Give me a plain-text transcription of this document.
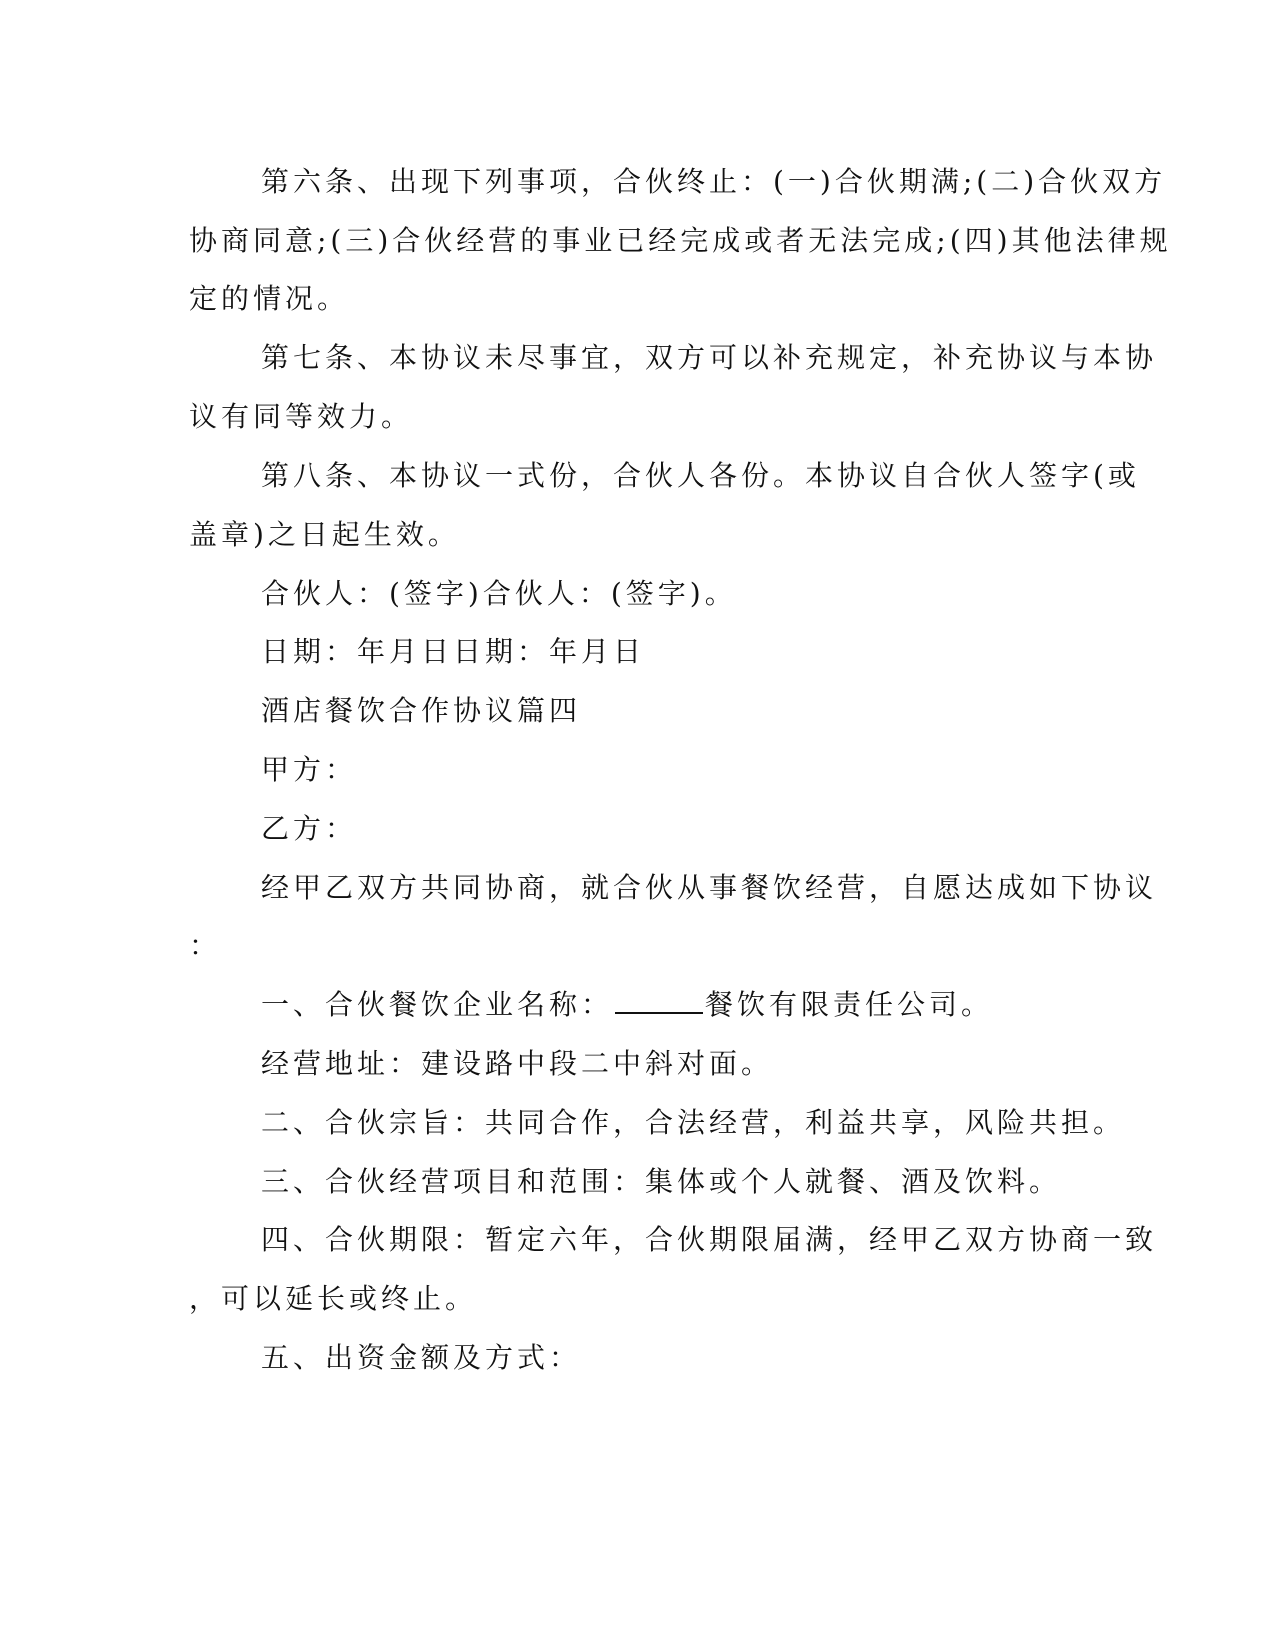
第六条、出现下列事项，合伙终止：(一)合伙期满;(二)合伙双方
协商同意;(三)合伙经营的事业已经完成或者无法完成;(四)其他法律规
定的情况。
第七条、本协议未尽事宜，双方可以补充规定，补充协议与本协
议有同等效力。
第八条、本协议一式份，合伙人各份。本协议自合伙人签字(或
盖章)之日起生效。
合伙人：(签字)合伙人：(签字)。
日期：年月日日期：年月日
酒店餐饮合作协议篇四
甲方：
乙方：
经甲乙双方共同协商，就合伙从事餐饮经营，自愿达成如下协议
：
一、合伙餐饮企业名称：	餐饮有限责任公司。
经营地址：建设路中段二中斜对面。
二、合伙宗旨：共同合作，合法经营，利益共享，风险共担。
三、合伙经营项目和范围：集体或个人就餐、酒及饮料。
四、合伙期限：暂定六年，合伙期限届满，经甲乙双方协商一致
，可以延长或终止。
五、出资金额及方式：
